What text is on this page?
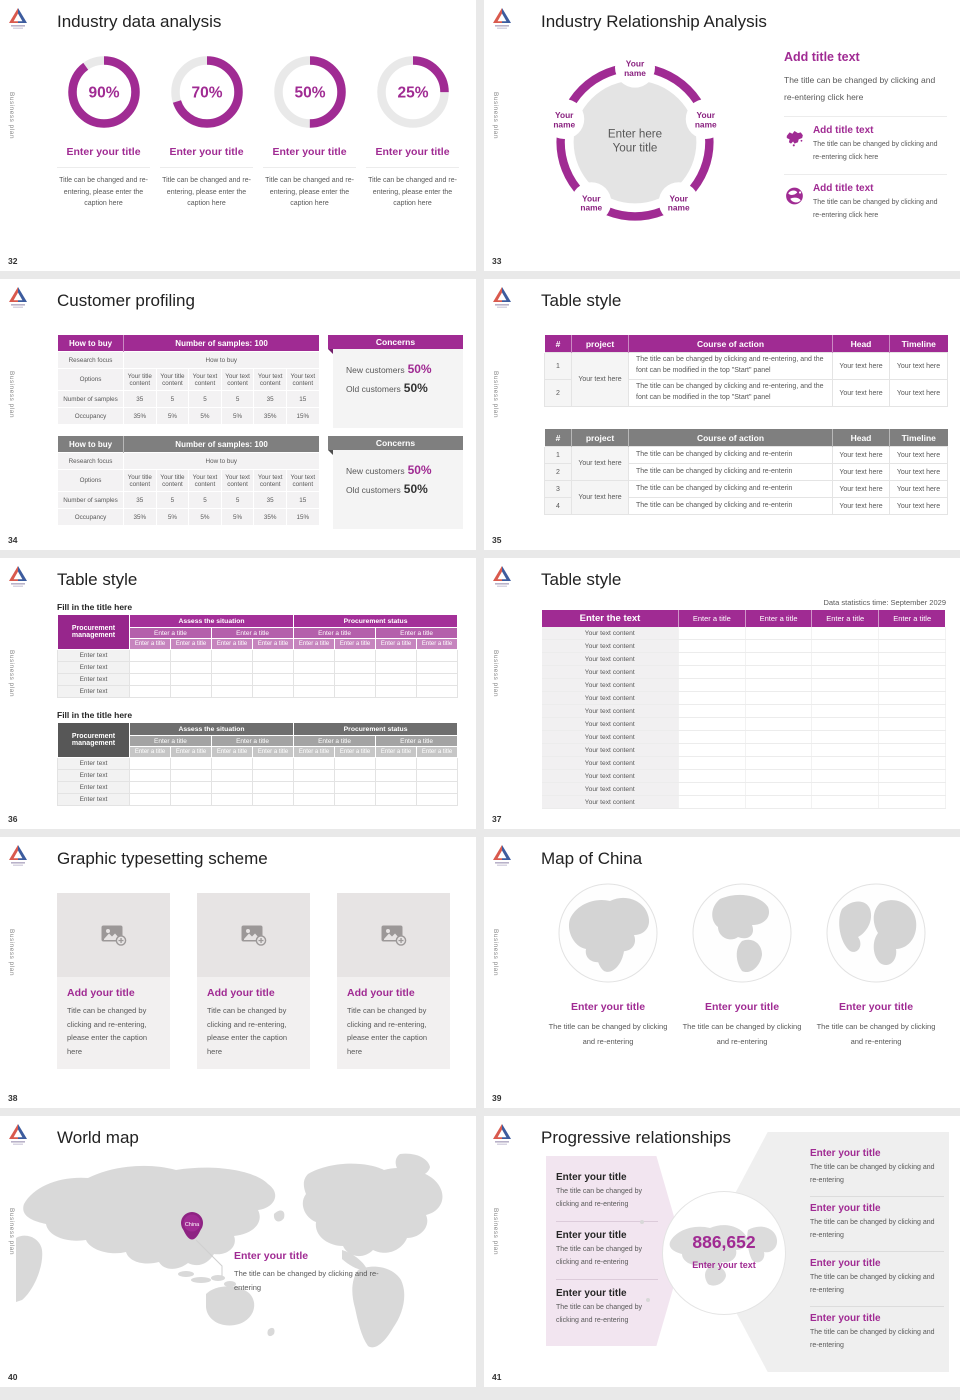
Business plan
Industry data analysis
32
90%
Enter your title
Title can be changed and re-entering, please enter the caption here
70%
Enter your title
Title can be changed and re-entering, please enter the caption here
50%
Enter your title
Title can be changed and re-entering, please enter the caption here
25%
Enter your title
Title can be changed and re-entering, please enter the caption here
Business plan
Industry Relationship Analysis
33
Add title text
The title can be changed by clicking and re-entering click here
Add title text
The title can be changed by clicking and re-entering click here
Add title text
The title can be changed by clicking and re-entering click here
Your name
Your name
Your name
Your name
Your name
Enter here Your title
Business plan
Customer profiling
34
How to buy	Number of samples: 100					
Research focus	How to buy					
Options	Your title content	Your title content	Your text content	Your text content	Your text content	Your text content
Number of samples	35	5	5	5	35	15
Occupancy	35%	5%	5%	5%	35%	15%
Concerns
New customers 50%
Old customers 50%
How to buy	Number of samples: 100					
Research focus	How to buy					
Options	Your title content	Your title content	Your text content	Your text content	Your text content	Your text content
Number of samples	35	5	5	5	35	15
Occupancy	35%	5%	5%	5%	35%	15%
Concerns
New customers 50%
Old customers 50%
Business plan
Table style
35
#	project	Course of action	Head	Timeline
1	Your text here	The title can be changed by clicking and re-entering, and the font can be modified in the top "Start" panel	Your text here	Your text here
2		The title can be changed by clicking and re-entering, and the font can be modified in the top "Start" panel	Your text here	Your text here
#	project	Course of action	Head	Timeline
1	Your text here	The title can be changed by clicking and re-enterin	Your text here	Your text here
2		The title can be changed by clicking and re-enterin	Your text here	Your text here
3	Your text here	The title can be changed by clicking and re-enterin	Your text here	Your text here
4		The title can be changed by clicking and re-enterin	Your text here	Your text here
Business plan
Table style
36
Fill in the title here
Procurement management	Assess the situation				Procurement status			
	Enter a title		Enter a title		Enter a title		Enter a title	
	Enter a title	Enter a title	Enter a title	Enter a title	Enter a title	Enter a title	Enter a title	Enter a title
Enter text								
Enter text								
Enter text								
Enter text								
Fill in the title here
Procurement management	Assess the situation				Procurement status			
	Enter a title		Enter a title		Enter a title		Enter a title	
	Enter a title	Enter a title	Enter a title	Enter a title	Enter a title	Enter a title	Enter a title	Enter a title
Enter text								
Enter text								
Enter text								
Enter text								
Business plan
Table style
37
Data statistics time: September 2029
Enter the text	Enter a title	Enter a title	Enter a title	Enter a title
Your text content				
Your text content				
Your text content				
Your text content				
Your text content				
Your text content				
Your text content				
Your text content				
Your text content				
Your text content				
Your text content				
Your text content				
Your text content				
Your text content				
Business plan
Graphic typesetting scheme
38
Add your title
Title can be changed by clicking and re-entering, please enter the caption here
Add your title
Title can be changed by clicking and re-entering, please enter the caption here
Add your title
Title can be changed by clicking and re-entering, please enter the caption here
Business plan
Map of China
39
Enter your title
The title can be changed by clicking and re-entering
Enter your title
The title can be changed by clicking and re-entering
Enter your title
The title can be changed by clicking and re-entering
Business plan
World map
40
China
Enter your title
The title can be changed by clicking and re-entering
Business plan
Progressive relationships
41
Enter your title
The title can be changed by clicking and re-entering
Enter your title
The title can be changed by clicking and re-entering
Enter your title
The title can be changed by clicking and re-entering
Enter your title
The title can be changed by clicking and re-entering
Enter your title
The title can be changed by clicking and re-entering
Enter your title
The title can be changed by clicking and re-entering
Enter your title
The title can be changed by clicking and re-entering
886,652
Enter your text
